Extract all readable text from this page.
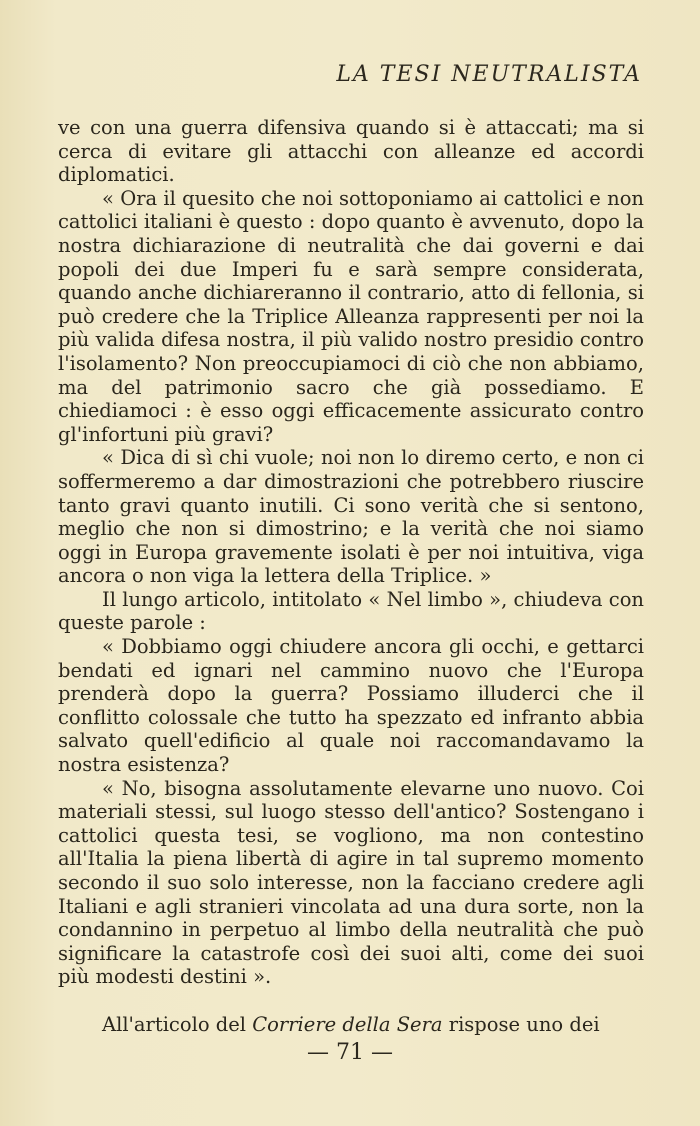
LA TESI NEUTRALISTA

ve con una guerra difensiva quando si è attaccati; ma si cerca di evitare gli attacchi con alleanze ed accordi diplomatici.

« Ora il quesito che noi sottoponiamo ai cattolici e non cattolici italiani è questo : dopo quanto è avvenuto, dopo la nostra dichiarazione di neutralità che dai governi e dai popoli dei due Imperi fu e sarà sempre considerata, quando anche dichiareranno il contrario, atto di fellonia, si può credere che la Triplice Alleanza rappresenti per noi la più valida difesa nostra, il più valido nostro presidio contro l'isolamento? Non preoccupiamoci di ciò che non abbiamo, ma del patrimonio sacro che già possediamo. E chiediamoci : è esso oggi efficacemente assicurato contro gl'infortuni più gravi?

« Dica di sì chi vuole; noi non lo diremo certo, e non ci soffermeremo a dar dimostrazioni che potrebbero riuscire tanto gravi quanto inutili. Ci sono verità che si sentono, meglio che non si dimostrino; e la verità che noi siamo oggi in Europa gravemente isolati è per noi intuitiva, viga ancora o non viga la lettera della Triplice. »

Il lungo articolo, intitolato « Nel limbo », chiudeva con queste parole :

« Dobbiamo oggi chiudere ancora gli occhi, e gettarci bendati ed ignari nel cammino nuovo che l'Europa prenderà dopo la guerra? Possiamo illuderci che il conflitto colossale che tutto ha spezzato ed infranto abbia salvato quell'edificio al quale noi raccomandavamo la nostra esistenza?

« No, bisogna assolutamente elevarne uno nuovo. Coi materiali stessi, sul luogo stesso dell'antico? Sostengano i cattolici questa tesi, se vogliono, ma non contestino all'Italia la piena libertà di agire in tal supremo momento secondo il suo solo interesse, non la facciano credere agli Italiani e agli stranieri vincolata ad una dura sorte, non la condannino in perpetuo al limbo della neutralità che può significare la catastrofe così dei suoi alti, come dei suoi più modesti destini ».

All'articolo del Corriere della Sera rispose uno dei

— 71 —
